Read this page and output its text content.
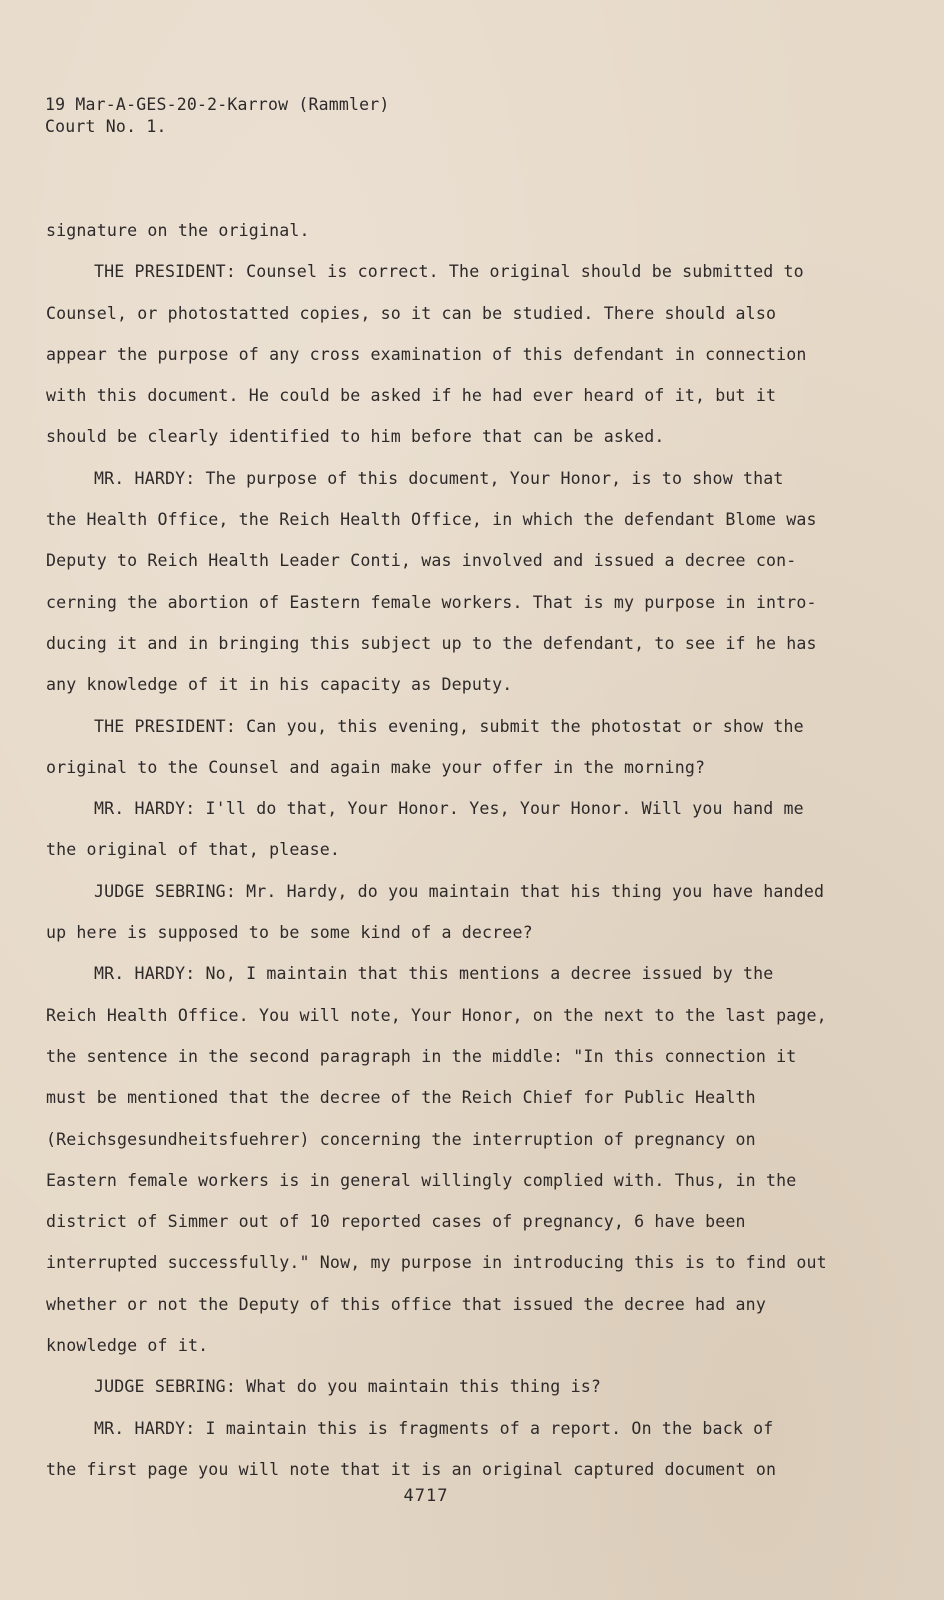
19 Mar-A-GES-20-2-Karrow (Rammler)
Court No. 1.
signature on the original.
THE PRESIDENT: Counsel is correct. The original should be submitted to
Counsel, or photostatted copies, so it can be studied. There should also
appear the purpose of any cross examination of this defendant in connection
with this document. He could be asked if he had ever heard of it, but it
should be clearly identified to him before that can be asked.
MR. HARDY: The purpose of this document, Your Honor, is to show that
the Health Office, the Reich Health Office, in which the defendant Blome was
Deputy to Reich Health Leader Conti, was involved and issued a decree con-
cerning the abortion of Eastern female workers. That is my purpose in intro-
ducing it and in bringing this subject up to the defendant, to see if he has
any knowledge of it in his capacity as Deputy.
THE PRESIDENT: Can you, this evening, submit the photostat or show the
original to the Counsel and again make your offer in the morning?
MR. HARDY: I'll do that, Your Honor. Yes, Your Honor. Will you hand me
the original of that, please.
JUDGE SEBRING: Mr. Hardy, do you maintain that his thing you have handed
up here is supposed to be some kind of a decree?
MR. HARDY: No, I maintain that this mentions a decree issued by the
Reich Health Office. You will note, Your Honor, on the next to the last page,
the sentence in the second paragraph in the middle: "In this connection it
must be mentioned that the decree of the Reich Chief for Public Health
(Reichsgesundheitsfuehrer) concerning the interruption of pregnancy on
Eastern female workers is in general willingly complied with. Thus, in the
district of Simmer out of 10 reported cases of pregnancy, 6 have been
interrupted successfully." Now, my purpose in introducing this is to find out
whether or not the Deputy of this office that issued the decree had any
knowledge of it.
JUDGE SEBRING: What do you maintain this thing is?
MR. HARDY: I maintain this is fragments of a report. On the back of
the first page you will note that it is an original captured document on
4717
